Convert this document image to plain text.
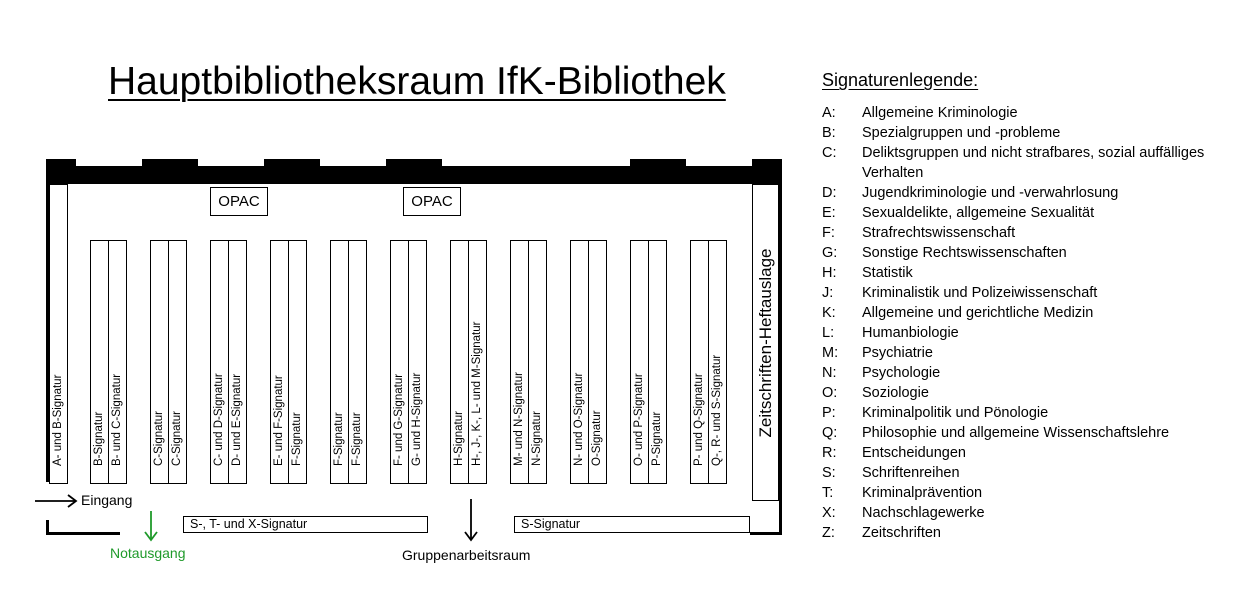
Hauptbibliotheksraum IfK-Bibliothek
OPAC	OPAC
A- und B-Signatur	B-Signatur B- und C-Signatur	C-Signatur C-Signatur	C- und D-Signatur D- und E-Signatur	E- und F-Signatur F-Signatur	F-Signatur F-Signatur	F- und G-Signatur G- und H-Signatur	H-Signatur H-, J-, K-, L- und M-Signatur	M- und N-Signatur N-Signatur	N- und O-Signatur O-Signatur	O- und P-Signatur P-Signatur	P- und Q-Signatur Q-, R- und S-Signatur Zeitschriften-Heftauslage
S-, T- und X-Signatur	S-Signatur
Eingang
Notausgang	Gruppenarbeitsraum
Signaturenlegende:
A:	Allgemeine Kriminologie
B:	Spezialgruppen und -probleme
C:	Deliktsgruppen und nicht strafbares, sozial auffälliges Verhalten
D:	Jugendkriminologie und -verwahrlosung
E:	Sexualdelikte, allgemeine Sexualität
F:	Strafrechtswissenschaft
G:	Sonstige Rechtswissenschaften
H:	Statistik
J:	Kriminalistik und Polizeiwissenschaft
K:	Allgemeine und gerichtliche Medizin
L:	Humanbiologie
M:	Psychiatrie
N:	Psychologie
O:	Soziologie
P:	Kriminalpolitik und Pönologie
Q:	Philosophie und allgemeine Wissenschaftslehre
R:	Entscheidungen
S:	Schriftenreihen
T:	Kriminalprävention
X:	Nachschlagewerke
Z:	Zeitschriften
